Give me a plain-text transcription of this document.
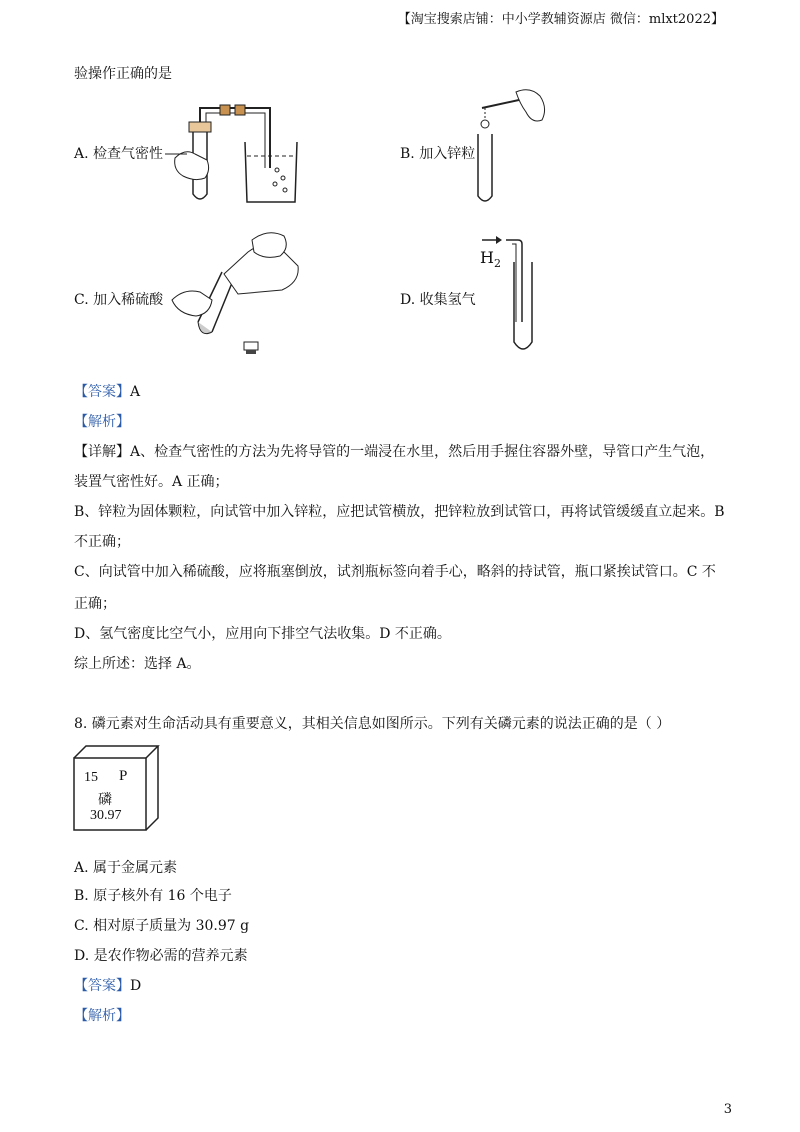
【淘宝搜索店铺：中小学教辅资源店 微信：mlxt2022】
验操作正确的是
A. 检查气密性	B. 加入锌粒
C. 加入稀硫酸	D. 收集氢气
$H_2$
【答案】A
【解析】
【详解】A、检查气密性的方法为先将导管的一端浸在水里，然后用手握住容器外壁，导管口产生气泡，
装置气密性好。A 正确；
B、锌粒为固体颗粒，向试管中加入锌粒，应把试管横放，把锌粒放到试管口，再将试管缓缓直立起来。B
不正确；
C、向试管中加入稀硫酸，应将瓶塞倒放，试剂瓶标签向着手心，略斜的持试管，瓶口紧挨试管口。C 不
正确；
D、氢气密度比空气小，应用向下排空气法收集。D 不正确。
综上所述：选择 A。
8. 磷元素对生命活动具有重要意义，其相关信息如图所示。下列有关磷元素的说法正确的是（ ）
15 P
磷
30.97
A. 属于金属元素
B. 原子核外有 16 个电子
C. 相对原子质量为 30.97 g
D. 是农作物必需的营养元素
【答案】D
【解析】
3
